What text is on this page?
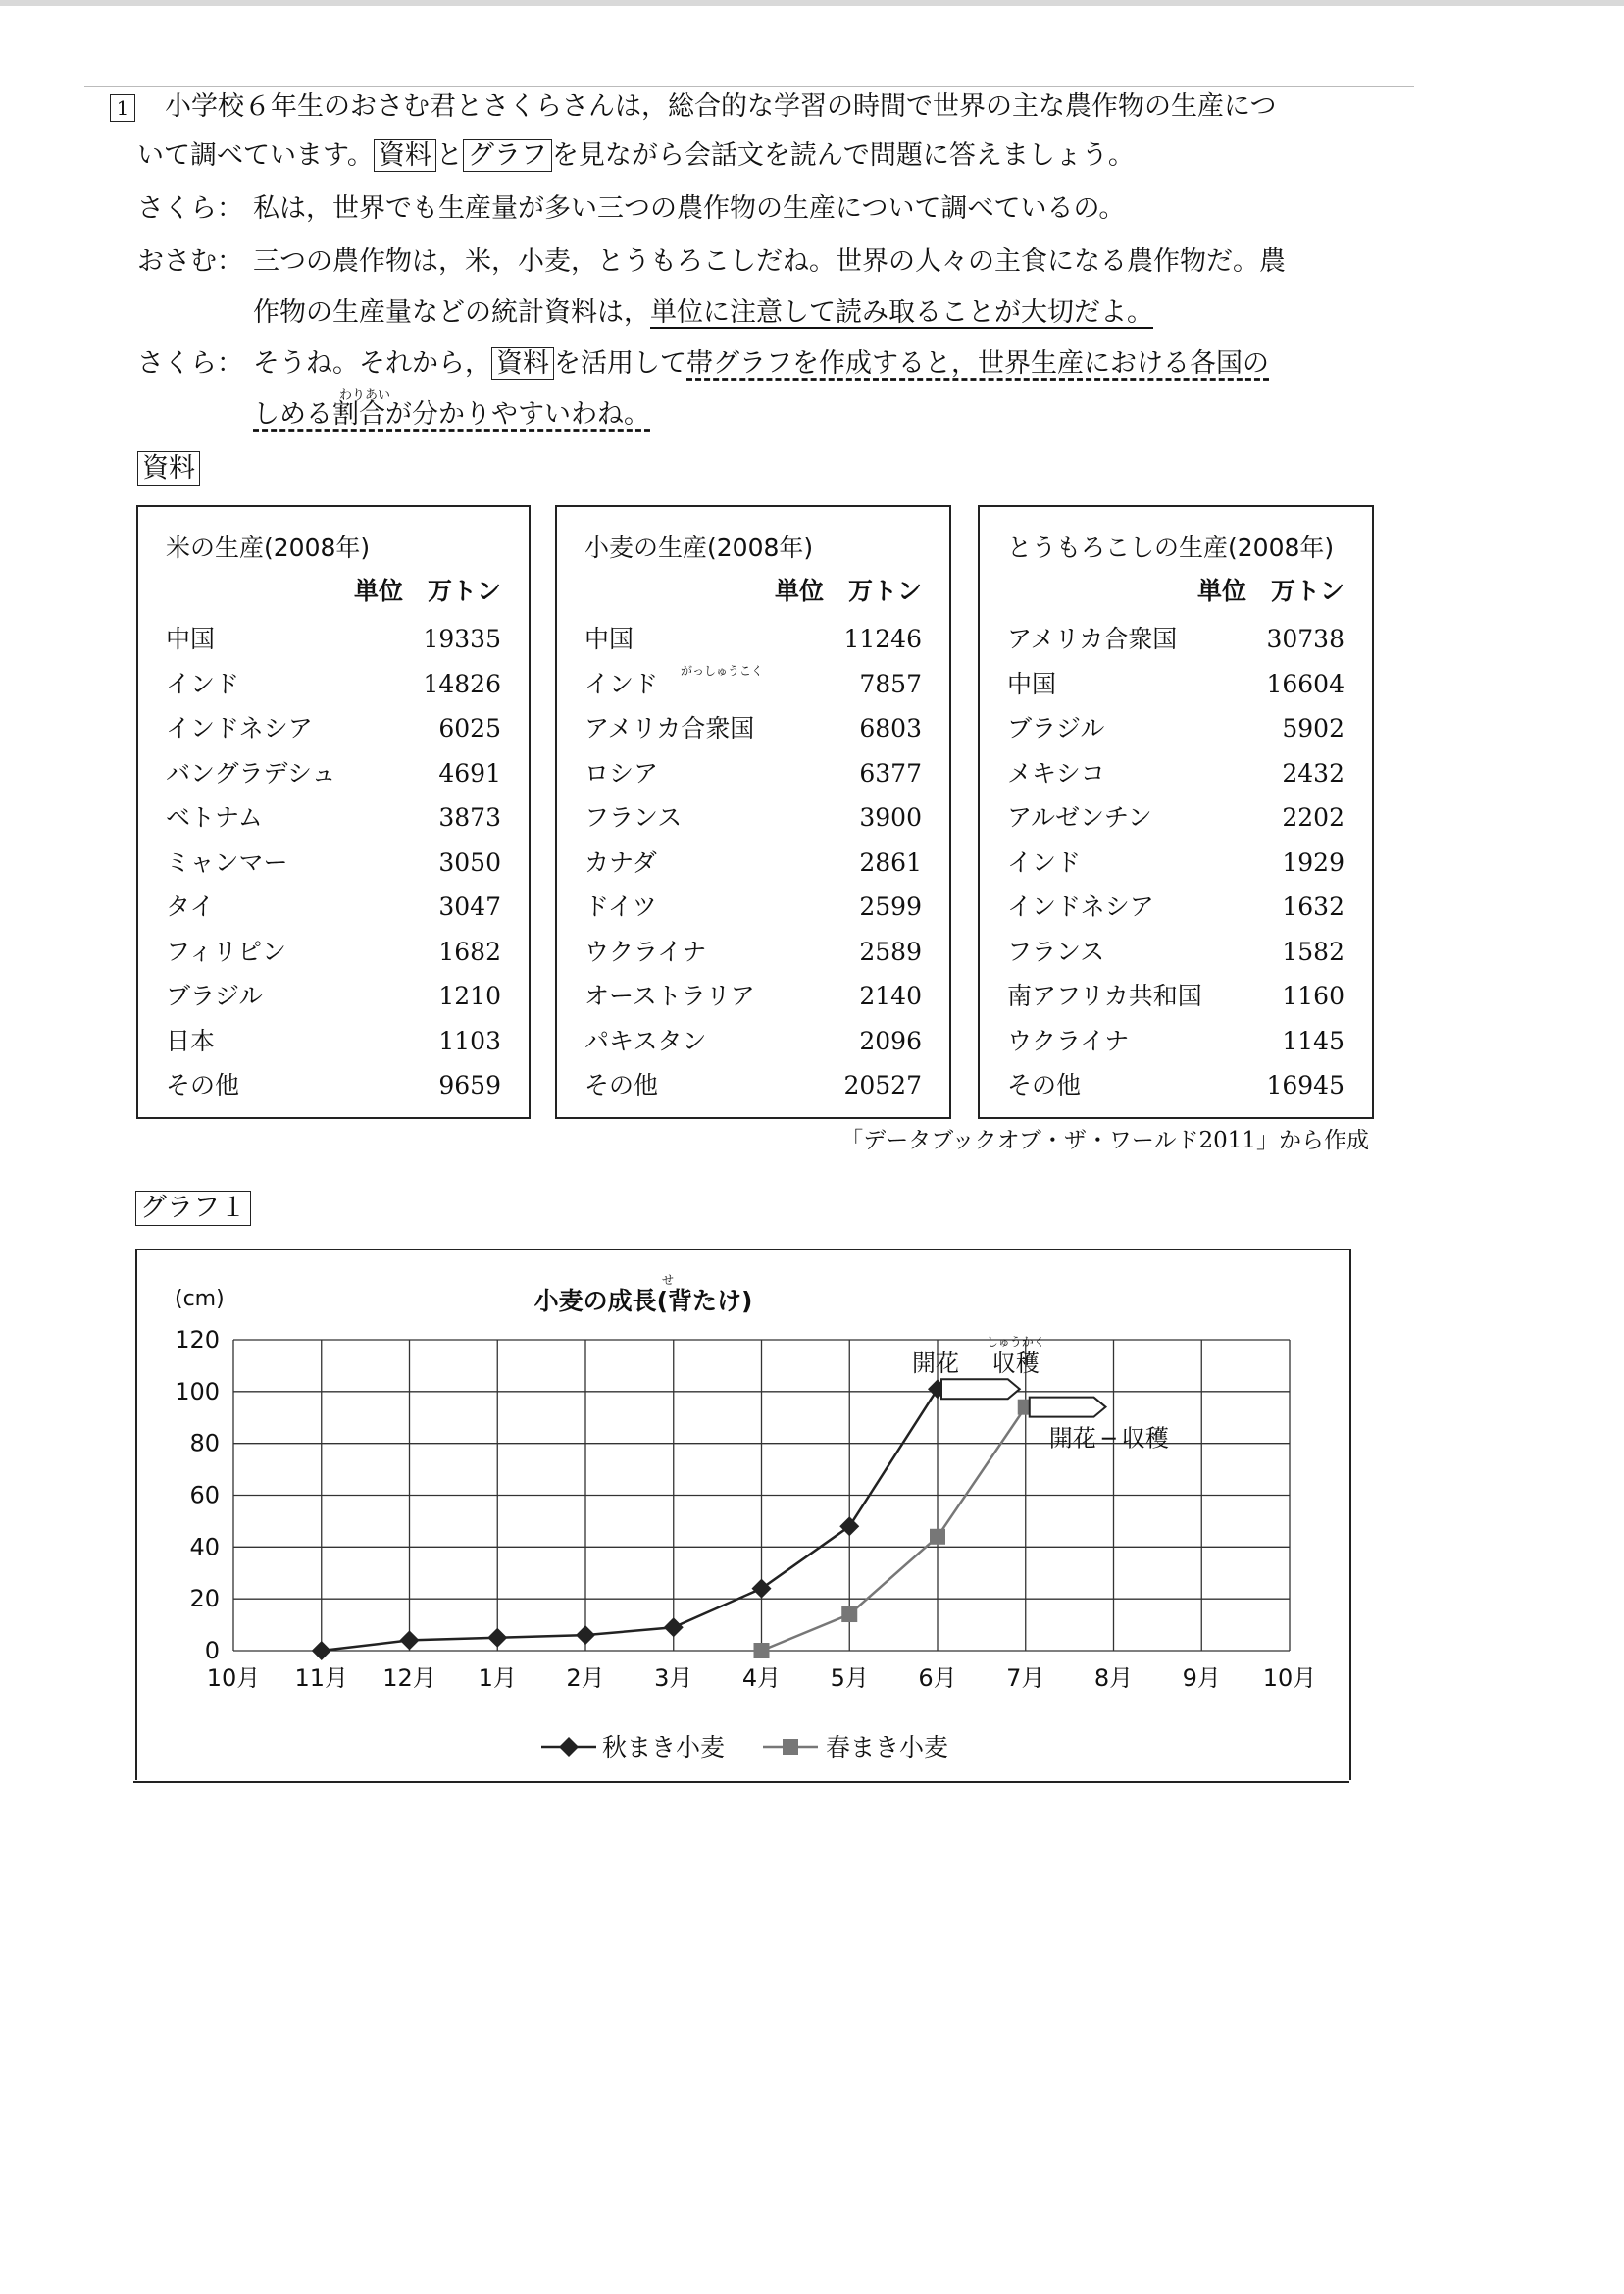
1 小学校６年生のおさむ君とさくらさんは，総合的な学習の時間で世界の主な農作物の生産につ
いて調べています。 資料 と グラフ を見ながら会話文を読んで問題に答えましょう。
さくら： 私は，世界でも生産量が多い三つの農作物の生産について調べているの。
おさむ： 三つの農作物は，米，小麦，とうもろこしだね。世界の人々の主食になる農作物だ。農
作物の生産量などの統計資料は，単位に注意して読み取ることが大切だよ。
さくら： そうね。それから， 資料 を活用して帯グラフを作成すると，世界生産における各国の
わりあい
しめる割合が分かりやすいわね。
資料
米の生産(2008年)
単位　万トン
中国	19335
インド	14826
インドネシア	6025
バングラデシュ	4691
ベトナム	3873
ミャンマー	3050
タイ	3047
フィリピン	1682
ブラジル	1210
日本	1103
その他	9659
小麦の生産(2008年)
単位　万トン
がっしゅうこく
中国	11246
インド	7857
アメリカ合衆国	6803
ロシア	6377
フランス	3900
カナダ	2861
ドイツ	2599
ウクライナ	2589
オーストラリア	2140
パキスタン	2096
その他	20527
とうもろこしの生産(2008年)
単位　万トン
アメリカ合衆国	30738
中国	16604
ブラジル	5902
メキシコ	2432
アルゼンチン	2202
インド	1929
インドネシア	1632
フランス	1582
南アフリカ共和国	1160
ウクライナ	1145
その他	16945
「データブックオブ・ザ・ワールド2011」から作成
グラフ１
(cm)	小麦の成長(背たけ)
せ
0
20
40
60
80
100
120
10月 11月 12月 1月 2月 3月 4月 5月 6月 7月 8月 9月 10月
開花 収穫
しゅうかく
開花 収穫
秋まき小麦	春まき小麦
